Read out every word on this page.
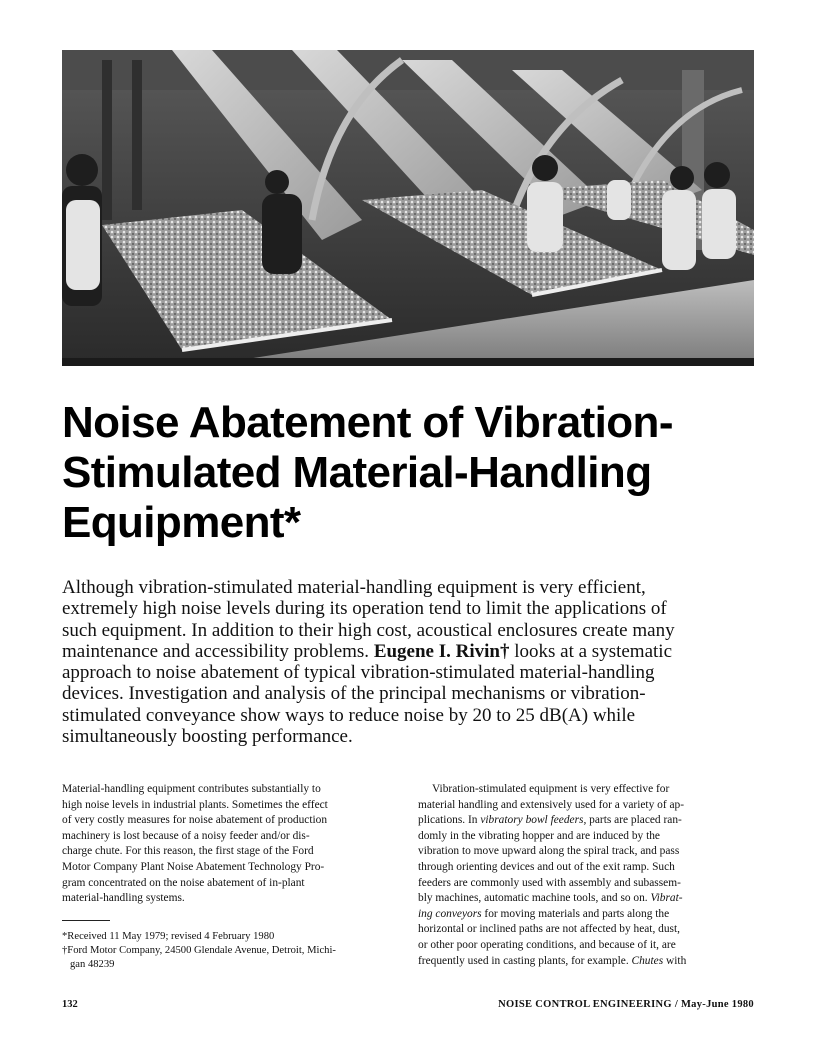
Noise Abatement of Vibration-
Stimulated Material-Handling
Equipment*

Although vibration-stimulated material-handling equipment is very efficient,
extremely high noise levels during its operation tend to limit the applications of
such equipment. In addition to their high cost, acoustical enclosures create many
maintenance and accessibility problems. Eugene I. Rivin† looks at a systematic
approach to noise abatement of typical vibration-stimulated material-handling
devices. Investigation and analysis of the principal mechanisms or vibration-
stimulated conveyance show ways to reduce noise by 20 to 25 dB(A) while
simultaneously boosting performance.

Material-handling equipment contributes substantially to
high noise levels in industrial plants. Sometimes the effect
of very costly measures for noise abatement of production
machinery is lost because of a noisy feeder and/or dis-
charge chute. For this reason, the first stage of the Ford
Motor Company Plant Noise Abatement Technology Pro-
gram concentrated on the noise abatement of in-plant
material-handling systems.
*Received 11 May 1979; revised 4 February 1980
†Ford Motor Company, 24500 Glendale Avenue, Detroit, Michi-
gan 48239
Vibration-stimulated equipment is very effective for
material handling and extensively used for a variety of ap-
plications. In vibratory bowl feeders, parts are placed ran-
domly in the vibrating hopper and are induced by the
vibration to move upward along the spiral track, and pass
through orienting devices and out of the exit ramp. Such
feeders are commonly used with assembly and subassem-
bly machines, automatic machine tools, and so on. Vibrat-
ing conveyors for moving materials and parts along the
horizontal or inclined paths are not affected by heat, dust,
or other poor operating conditions, and because of it, are
frequently used in casting plants, for example. Chutes with
132	NOISE CONTROL ENGINEERING / May-June 1980
